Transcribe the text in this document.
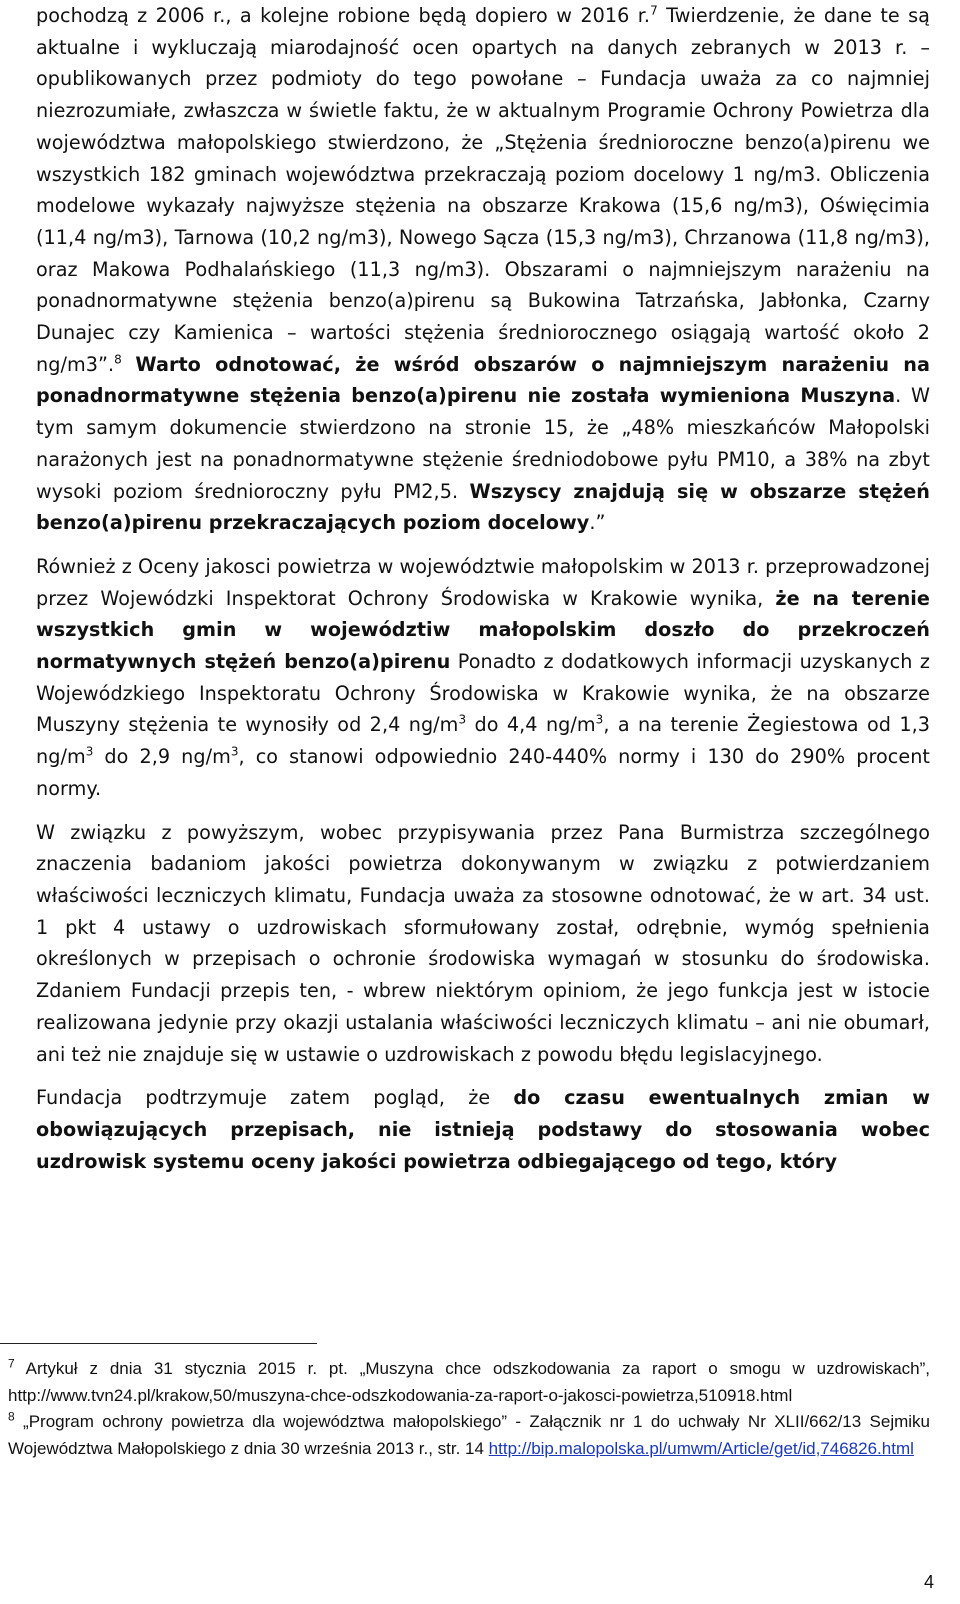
pochodzą z 2006 r., a kolejne robione będą dopiero w 2016 r.$^7$ Twierdzenie, że dane te są aktualne i wykluczają miarodajność ocen opartych na danych zebranych w 2013 r. – opublikowanych przez podmioty do tego powołane – Fundacja uważa za co najmniej niezrozumiałe, zwłaszcza w świetle faktu, że w aktualnym Programie Ochrony Powietrza dla województwa małopolskiego stwierdzono, że „Stężenia średnioroczne benzo(a)pirenu we wszystkich 182 gminach województwa przekraczają poziom docelowy 1 ng/m3. Obliczenia modelowe wykazały najwyższe stężenia na obszarze Krakowa (15,6 ng/m3), Oświęcimia (11,4 ng/m3), Tarnowa (10,2 ng/m3), Nowego Sącza (15,3 ng/m3), Chrzanowa (11,8 ng/m3), oraz Makowa Podhalańskiego (11,3 ng/m3). Obszarami o najmniejszym narażeniu na ponadnormatywne stężenia benzo(a)pirenu są Bukowina Tatrzańska, Jabłonka, Czarny Dunajec czy Kamienica – wartości stężenia średniorocznego osiągają wartość około 2 ng/m3”.$^8$ Warto odnotować, że wśród obszarów o najmniejszym narażeniu na ponadnormatywne stężenia benzo(a)pirenu nie została wymieniona Muszyna. W tym samym dokumencie stwierdzono na stronie 15, że „48% mieszkańców Małopolski narażonych jest na ponadnormatywne stężenie średniodobowe pyłu PM10, a 38% na zbyt wysoki poziom średnioroczny pyłu PM2,5. Wszyscy znajdują się w obszarze stężeń benzo(a)pirenu przekraczających poziom docelowy.”

Również z Oceny jakosci powietrza w województwie małopolskim w 2013 r. przeprowadzonej przez Wojewódzki Inspektorat Ochrony Środowiska w Krakowie wynika, że na terenie wszystkich gmin w województiw małopolskim doszło do przekroczeń normatywnych stężeń benzo(a)pirenu Ponadto z dodatkowych informacji uzyskanych z Wojewódzkiego Inspektoratu Ochrony Środowiska w Krakowie wynika, że na obszarze Muszyny stężenia te wynosiły od 2,4 $ng/m^3$ do 4,4 $ng/m^3$, a na terenie Żegiestowa od 1,3 $ng/m^3$ do 2,9 $ng/m^3$, co stanowi odpowiednio 240-440% normy i 130 do 290% procent normy.

W związku z powyższym, wobec przypisywania przez Pana Burmistrza szczególnego znaczenia badaniom jakości powietrza dokonywanym w związku z potwierdzaniem właściwości leczniczych klimatu, Fundacja uważa za stosowne odnotować, że w art. 34 ust. 1 pkt 4 ustawy o uzdrowiskach sformułowany został, odrębnie, wymóg spełnienia określonych w przepisach o ochronie środowiska wymagań w stosunku do środowiska. Zdaniem Fundacji przepis ten, - wbrew niektórym opiniom, że jego funkcja jest w istocie realizowana jedynie przy okazji ustalania właściwości leczniczych klimatu – ani nie obumarł, ani też nie znajduje się w ustawie o uzdrowiskach z powodu błędu legislacyjnego.

Fundacja podtrzymuje zatem pogląd, że do czasu ewentualnych zmian w obowiązujących przepisach, nie istnieją podstawy do stosowania wobec uzdrowisk systemu oceny jakości powietrza odbiegającego od tego, który

$^7$ Artykuł z dnia 31 stycznia 2015 r. pt. „Muszyna chce odszkodowania za raport o smogu w uzdrowiskach”, http://www.tvn24.pl/krakow,50/muszyna-chce-odszkodowania-za-raport-o-jakosci-powietrza,510918.html

$^8$ „Program ochrony powietrza dla województwa małopolskiego” - Załącznik nr 1 do uchwały Nr XLII/662/13 Sejmiku Województwa Małopolskiego z dnia 30 września 2013 r., str. 14 http://bip.malopolska.pl/umwm/Article/get/id,746826.html

4
